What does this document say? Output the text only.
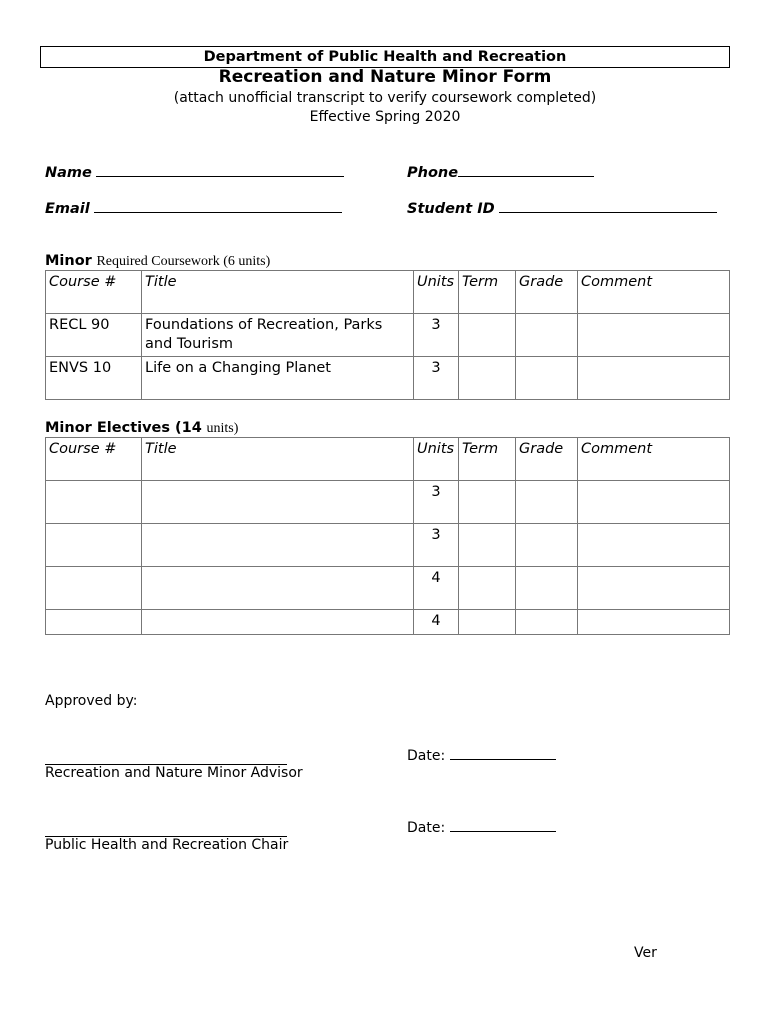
Department of Public Health and Recreation
Recreation and Nature Minor Form
(attach unofficial transcript to verify coursework completed)
Effective Spring 2020
Name	Phone
Email	Student ID
Minor Required Coursework (6 units)
Course #	Title	Units	Term	Grade	Comment
RECL 90	Foundations of Recreation, Parks and Tourism	3			
ENVS 10	Life on a Changing Planet	3			
Minor Electives (14 units)
Course #	Title	Units	Term	Grade	Comment
		3			
		3			
		4			
		4			
Approved by:
Recreation and Nature Minor Advisor
Date:
Public Health and Recreation Chair
Date:
Ver
